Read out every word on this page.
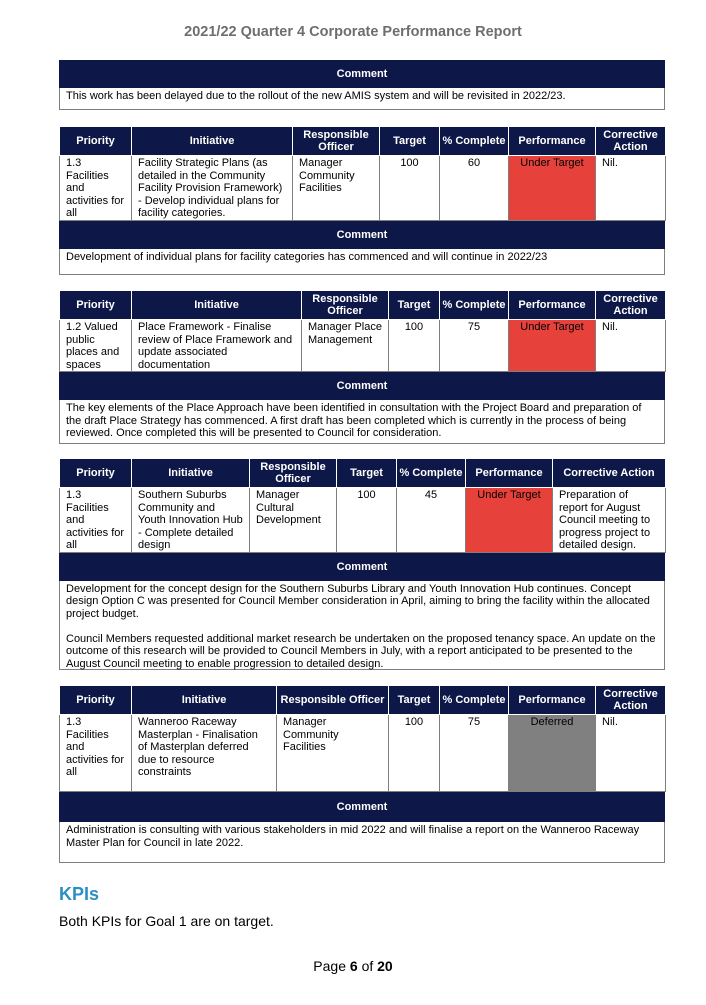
2021/22 Quarter 4 Corporate Performance Report
Comment

This work has been delayed due to the rollout of the new AMIS system and will be revisited in 2022/23.

Priority	Initiative	Responsible Officer	Target	% Complete	Performance	Corrective Action
1.3 Facilities and activities for all	Facility Strategic Plans (as detailed in the Community Facility Provision Framework) - Develop individual plans for facility categories.	Manager Community Facilities	100	60	Under Target	Nil.
Comment

Development of individual plans for facility categories has commenced and will continue in 2022/23

Priority	Initiative	Responsible Officer	Target	% Complete	Performance	Corrective Action
1.2 Valued public places and spaces	Place Framework - Finalise review of Place Framework and update associated documentation	Manager Place Management	100	75	Under Target	Nil.
Comment

The key elements of the Place Approach have been identified in consultation with the Project Board and preparation of the draft Place Strategy has commenced. A first draft has been completed which is currently in the process of being reviewed. Once completed this will be presented to Council for consideration.

Priority	Initiative	Responsible Officer	Target	% Complete	Performance	Corrective Action
1.3 Facilities and activities for all	Southern Suburbs Community and Youth Innovation Hub - Complete detailed design	Manager Cultural Development	100	45	Under Target	Preparation of report for August Council meeting to progress project to detailed design.
Comment

Development for the concept design for the Southern Suburbs Library and Youth Innovation Hub continues. Concept design Option C was presented for Council Member consideration in April, aiming to bring the facility within the allocated project budget.

Council Members requested additional market research be undertaken on the proposed tenancy space. An update on the outcome of this research will be provided to Council Members in July, with a report anticipated to be presented to the August Council meeting to enable progression to detailed design.

Priority	Initiative	Responsible Officer	Target	% Complete	Performance	Corrective Action
1.3 Facilities and activities for all	Wanneroo Raceway Masterplan - Finalisation of Masterplan deferred due to resource constraints	Manager Community Facilities	100	75	Deferred	Nil.
Comment

Administration is consulting with various stakeholders in mid 2022 and will finalise a report on the Wanneroo Raceway Master Plan for Council in late 2022.

KPIs
Both KPIs for Goal 1 are on target.
Page 6 of 20
